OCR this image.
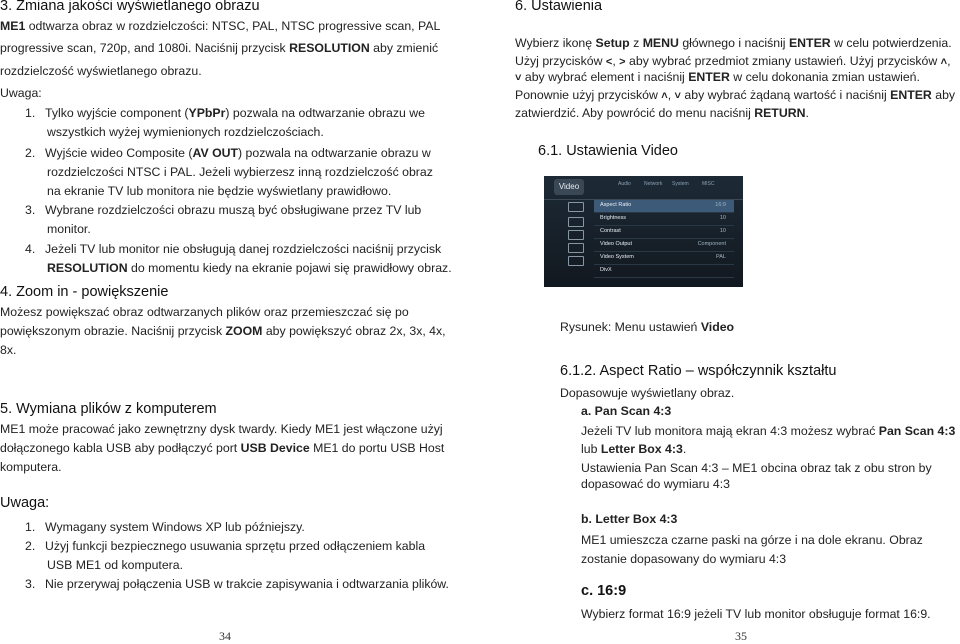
3. Zmiana jakości wyświetlanego obrazu
ME1 odtwarza obraz w rozdzielczości: NTSC, PAL, NTSC progressive scan, PAL
progressive scan, 720p, and 1080i. Naciśnij przycisk RESOLUTION aby zmienić
rozdzielczość wyświetlanego obrazu.
Uwaga:
1. Tylko wyjście component (YPbPr) pozwala na odtwarzanie obrazu we
wszystkich wyżej wymienionych rozdzielczościach.
2. Wyjście wideo Composite (AV OUT) pozwala na odtwarzanie obrazu w
rozdzielczości NTSC i PAL. Jeżeli wybierzesz inną rozdzielczość obraz
na ekranie TV lub monitora nie będzie wyświetlany prawidłowo.
3. Wybrane rozdzielczości obrazu muszą być obsługiwane przez TV lub
monitor.
4. Jeżeli TV lub monitor nie obsługują danej rozdzielczości naciśnij przycisk
RESOLUTION do momentu kiedy na ekranie pojawi się prawidłowy obraz.
4. Zoom in - powiększenie
Możesz powiększać obraz odtwarzanych plików oraz przemieszczać się po
powiększonym obrazie. Naciśnij przycisk ZOOM aby powiększyć obraz 2x, 3x, 4x,
8x.
5. Wymiana plików z komputerem
ME1 może pracować jako zewnętrzny dysk twardy. Kiedy ME1 jest włączone użyj
dołączonego kabla USB aby podłączyć port USB Device ME1 do portu USB Host
komputera.
Uwaga:
1. Wymagany system Windows XP lub późniejszy.
2. Użyj funkcji bezpiecznego usuwania sprzętu przed odłączeniem kabla
USB ME1 od komputera.
3. Nie przerywaj połączenia USB w trakcie zapisywania i odtwarzania plików.
34
6. Ustawienia
Wybierz ikonę Setup z MENU głównego i naciśnij ENTER w celu potwierdzenia.
Użyj przycisków <, > aby wybrać przedmiot zmiany ustawień. Użyj przycisków ˄,
˅ aby wybrać element i naciśnij ENTER w celu dokonania zmian ustawień.
Ponownie użyj przycisków ˄, ˅ aby wybrać żądaną wartość i naciśnij ENTER aby
zatwierdzić. Aby powrócić do menu naciśnij RETURN.
6.1. Ustawienia Video
Video	Audio	Network System	MISC
Aspect Ratio	16:9
Brightness	10
Contrast	10
Video Output	Component
Video System	PAL
DivX
Rysunek: Menu ustawień Video
6.1.2. Aspect Ratio – współczynnik kształtu
Dopasowuje wyświetlany obraz.
a. Pan Scan 4:3
Jeżeli TV lub monitora mają ekran 4:3 możesz wybrać Pan Scan 4:3
lub Letter Box 4:3.
Ustawienia Pan Scan 4:3 – ME1 obcina obraz tak z obu stron by
dopasować do wymiaru 4:3
b. Letter Box 4:3
ME1 umieszcza czarne paski na górze i na dole ekranu. Obraz
zostanie dopasowany do wymiaru 4:3
c. 16:9
Wybierz format 16:9 jeżeli TV lub monitor obsługuje format 16:9.
35
